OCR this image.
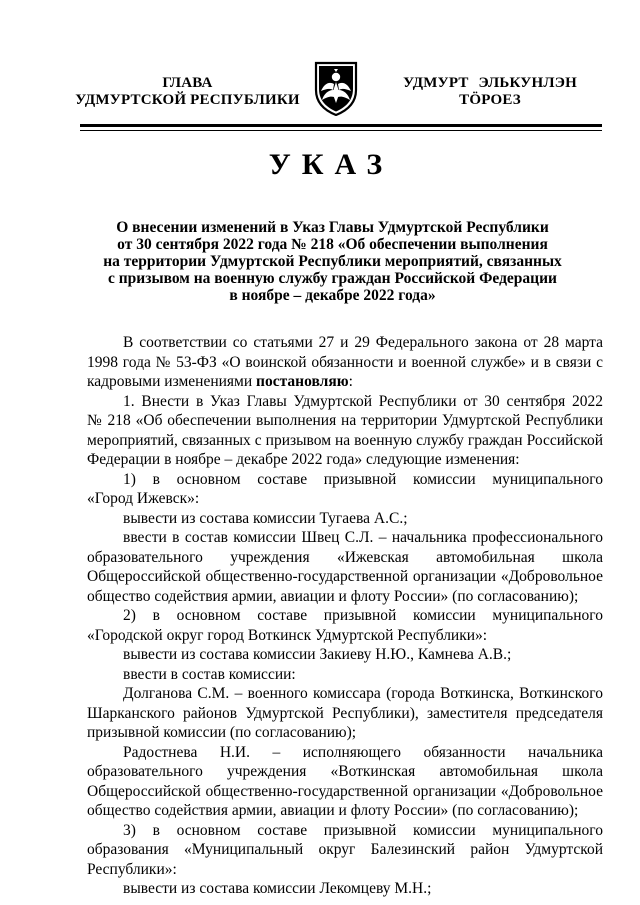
ГЛАВА
УДМУРТСКОЙ РЕСПУБЛИКИ
УДМУРТ ЭЛЬКУНЛЭН
ТӦРОЕЗ
УКАЗ
О внесении изменений в Указ Главы Удмуртской Республики
от 30 сентября 2022 года № 218 «Об обеспечении выполнения
на территории Удмуртской Республики мероприятий, связанных
с призывом на военную службу граждан Российской Федерации
в ноябре – декабре 2022 года»
В соответствии со статьями 27 и 29 Федерального закона от 28 марта
1998 года № 53-ФЗ «О воинской обязанности и военной службе» и в связи с
кадровыми изменениями постановляю:
1. Внести в Указ Главы Удмуртской Республики от 30 сентября 2022
№ 218 «Об обеспечении выполнения на территории Удмуртской Республики
мероприятий, связанных с призывом на военную службу граждан Российской
Федерации в ноябре – декабре 2022 года» следующие изменения:
1) в основном составе призывной комиссии муниципального
«Город Ижевск»:
вывести из состава комиссии Тугаева А.С.;
ввести в состав комиссии Швец С.Л. – начальника профессионального
образовательного учреждения «Ижевская автомобильная школа
Общероссийской общественно-государственной организации «Добровольное
общество содействия армии, авиации и флоту России» (по согласованию);
2) в основном составе призывной комиссии муниципального
«Городской округ город Воткинск Удмуртской Республики»:
вывести из состава комиссии Закиеву Н.Ю., Камнева А.В.;
ввести в состав комиссии:
Долганова С.М. – военного комиссара (города Воткинска, Воткинского
Шарканского районов Удмуртской Республики), заместителя председателя
призывной комиссии (по согласованию);
Радостнева Н.И. – исполняющего обязанности начальника
образовательного учреждения «Воткинская автомобильная школа
Общероссийской общественно-государственной организации «Добровольное
общество содействия армии, авиации и флоту России» (по согласованию);
3) в основном составе призывной комиссии муниципального
образования «Муниципальный округ Балезинский район Удмуртской
Республики»:
вывести из состава комиссии Лекомцеву М.Н.;
